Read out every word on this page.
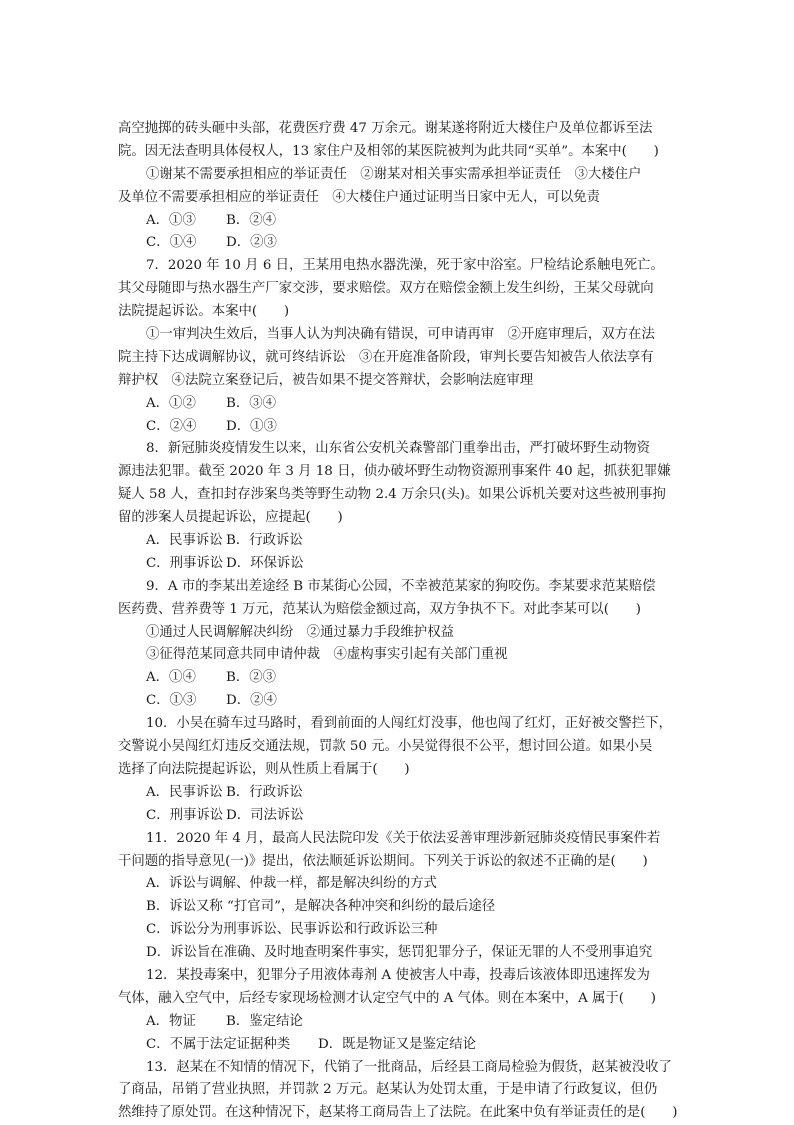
高空抛掷的砖头砸中头部，花费医疗费 47 万余元。谢某遂将附近大楼住户及单位都诉至法
院。因无法查明具体侵权人，13 家住户及相邻的某医院被判为此共同“买单”。本案中(　　)
①谢某不需要承担相应的举证责任　②谢某对相关事实需承担举证责任　③大楼住户
及单位不需要承担相应的举证责任　④大楼住户通过证明当日家中无人，可以免责
A．①③ B．②④
C．①④ D．②③
7．2020 年 10 月 6 日，王某用电热水器洗澡，死于家中浴室。尸检结论系触电死亡。
其父母随即与热水器生产厂家交涉，要求赔偿。双方在赔偿金额上发生纠纷，王某父母就向
法院提起诉讼。本案中(　　)
①一审判决生效后，当事人认为判决确有错误，可申请再审　②开庭审理后，双方在法
院主持下达成调解协议，就可终结诉讼　③在开庭准备阶段，审判长要告知被告人依法享有
辩护权　④法院立案登记后，被告如果不提交答辩状，会影响法庭审理
A．①② B．③④
C．②④ D．①③
8．新冠肺炎疫情发生以来，山东省公安机关森警部门重拳出击，严打破坏野生动物资
源违法犯罪。截至 2020 年 3 月 18 日，侦办破坏野生动物资源刑事案件 40 起，抓获犯罪嫌
疑人 58 人，查扣封存涉案鸟类等野生动物 2.4 万余只(头)。如果公诉机关要对这些被刑事拘
留的涉案人员提起诉讼，应提起(　　)
A．民事诉讼 B．行政诉讼
C．刑事诉讼 D．环保诉讼
9．A 市的李某出差途经 B 市某街心公园，不幸被范某家的狗咬伤。李某要求范某赔偿
医药费、营养费等 1 万元，范某认为赔偿金额过高，双方争执不下。对此李某可以(　　)
①通过人民调解解决纠纷　②通过暴力手段维护权益
③征得范某同意共同申请仲裁　④虚构事实引起有关部门重视
A．①④ B．②③
C．①③ D．②④
10．小吴在骑车过马路时，看到前面的人闯红灯没事，他也闯了红灯，正好被交警拦下，
交警说小吴闯红灯违反交通法规，罚款 50 元。小吴觉得很不公平，想讨回公道。如果小吴
选择了向法院提起诉讼，则从性质上看属于(　　)
A．民事诉讼 B．行政诉讼
C．刑事诉讼 D．司法诉讼
11．2020 年 4 月，最高人民法院印发《关于依法妥善审理涉新冠肺炎疫情民事案件若
干问题的指导意见(一)》提出，依法顺延诉讼期间。下列关于诉讼的叙述不正确的是(　　)
A．诉讼与调解、仲裁一样，都是解决纠纷的方式
B．诉讼又称 “打官司”，是解决各种冲突和纠纷的最后途径
C．诉讼分为刑事诉讼、民事诉讼和行政诉讼三种
D．诉讼旨在准确、及时地查明案件事实，惩罚犯罪分子，保证无罪的人不受刑事追究
12．某投毒案中，犯罪分子用液体毒剂 A 使被害人中毒，投毒后该液体即迅速挥发为
气体，融入空气中，后经专家现场检测才认定空气中的 A 气体。则在本案中，A 属于(　　)
A．物证 B．鉴定结论
C．不属于法定证据种类 D．既是物证又是鉴定结论
13．赵某在不知情的情况下，代销了一批商品，后经县工商局检验为假货，赵某被没收了
了商品，吊销了营业执照，并罚款 2 万元。赵某认为处罚太重，于是申请了行政复议，但仍
然维持了原处罚。在这种情况下，赵某将工商局告上了法院。在此案中负有举证责任的是(　　)
